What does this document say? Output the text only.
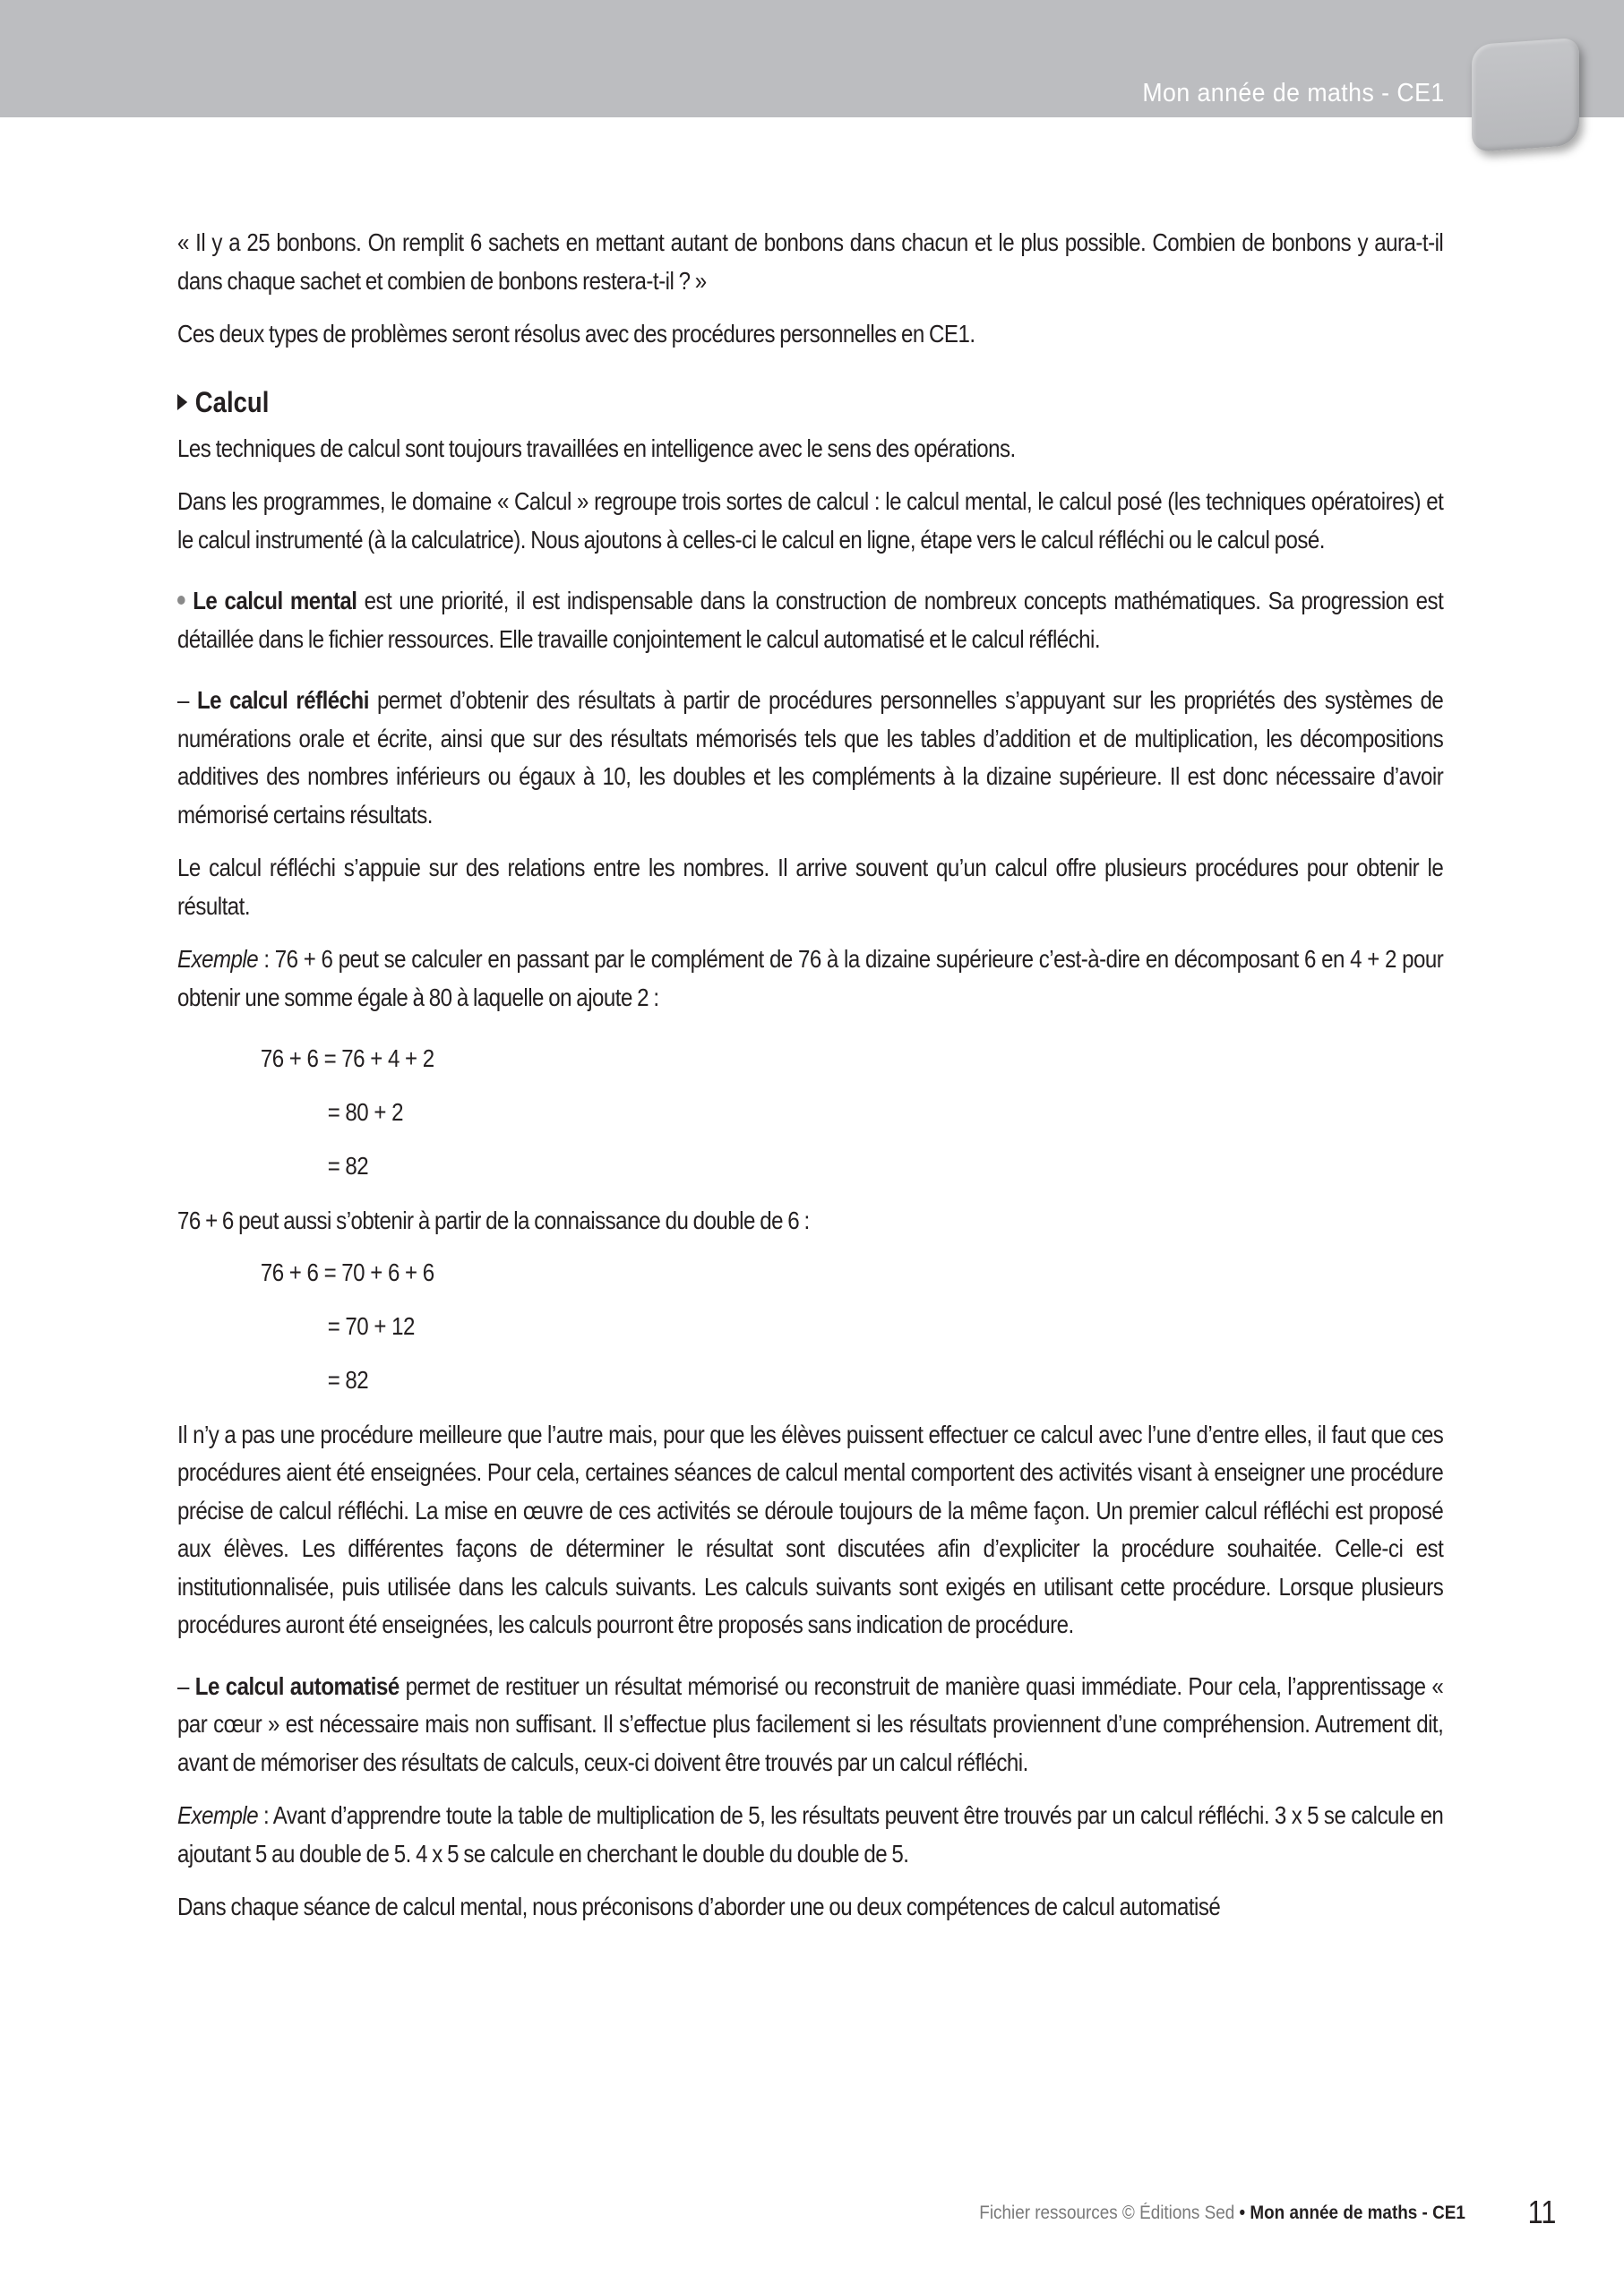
Mon année de maths - CE1

« Il y a 25 bonbons. On remplit 6 sachets en mettant autant de bonbons dans chacun et le plus possible. Combien de bonbons y aura-t-il dans chaque sachet et combien de bonbons restera-t-il ? »

Ces deux types de problèmes seront résolus avec des procédures personnelles en CE1.

Calcul

Les techniques de calcul sont toujours travaillées en intelligence avec le sens des opérations.

Dans les programmes, le domaine « Calcul » regroupe trois sortes de calcul : le calcul mental, le calcul posé (les techniques opératoires) et le calcul instrumenté (à la calculatrice). Nous ajoutons à celles-ci le calcul en ligne, étape vers le calcul réfléchi ou le calcul posé.

Le calcul mental est une priorité, il est indispensable dans la construction de nombreux concepts mathématiques. Sa progression est détaillée dans le fichier ressources. Elle travaille conjointement le calcul automatisé et le calcul réfléchi.

– Le calcul réfléchi permet d’obtenir des résultats à partir de procédures personnelles s’appuyant sur les propriétés des systèmes de numérations orale et écrite, ainsi que sur des résultats mémorisés tels que les tables d’addition et de multiplication, les décompositions additives des nombres inférieurs ou égaux à 10, les doubles et les compléments à la dizaine supérieure. Il est donc nécessaire d’avoir mémorisé certains résultats.

Le calcul réfléchi s’appuie sur des relations entre les nombres. Il arrive souvent qu’un calcul offre plusieurs procédures pour obtenir le résultat.

Exemple : 76 + 6 peut se calculer en passant par le complément de 76 à la dizaine supérieure c’est-à-dire en décomposant 6 en 4 + 2 pour obtenir une somme égale à 80 à laquelle on ajoute 2 :

76 + 6 = 76 + 4 + 2
= 80 + 2
= 82

76 + 6 peut aussi s’obtenir à partir de la connaissance du double de 6 :

76 + 6 = 70 + 6 + 6
= 70 + 12
= 82

Il n’y a pas une procédure meilleure que l’autre mais, pour que les élèves puissent effectuer ce calcul avec l’une d’entre elles, il faut que ces procédures aient été enseignées. Pour cela, certaines séances de calcul mental comportent des activités visant à enseigner une procédure précise de calcul réfléchi. La mise en œuvre de ces activités se déroule toujours de la même façon. Un premier calcul réfléchi est proposé aux élèves. Les différentes façons de déterminer le résultat sont discutées afin d’expliciter la procédure souhaitée. Celle-ci est institutionnalisée, puis utilisée dans les calculs suivants. Les calculs suivants sont exigés en utilisant cette procédure. Lorsque plusieurs procédures auront été enseignées, les calculs pourront être proposés sans indication de procédure.

– Le calcul automatisé permet de restituer un résultat mémorisé ou reconstruit de manière quasi immédiate. Pour cela, l’apprentissage « par cœur » est nécessaire mais non suffisant. Il s’effectue plus facilement si les résultats proviennent d’une compréhension. Autrement dit, avant de mémoriser des résultats de calculs, ceux-ci doivent être trouvés par un calcul réfléchi.

Exemple : Avant d’apprendre toute la table de multiplication de 5, les résultats peuvent être trouvés par un calcul réfléchi. 3 x 5 se calcule en ajoutant 5 au double de 5. 4 x 5 se calcule en cherchant le double du double de 5.

Dans chaque séance de calcul mental, nous préconisons d’aborder une ou deux compétences de calcul automatisé

Fichier ressources © Éditions Sed • Mon année de maths - CE1 11
